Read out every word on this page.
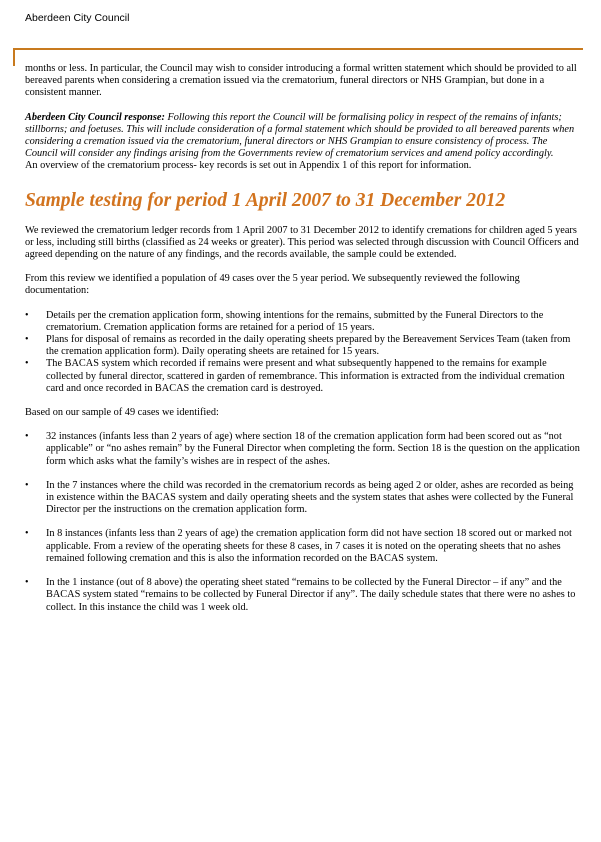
Aberdeen City Council

months or less. In particular, the Council may wish to consider introducing a formal written statement which should be provided to all bereaved parents when considering a cremation issued via the crematorium, funeral directors or NHS Grampian, but done in a consistent manner.

Aberdeen City Council response: Following this report the Council will be formalising policy in respect of the remains of infants; stillborns; and foetuses. This will include consideration of a formal statement which should be provided to all bereaved parents when considering a cremation issued via the crematorium, funeral directors or NHS Grampian to ensure consistency of process. The Council will consider any findings arising from the Governments review of crematorium services and amend policy accordingly.

An overview of the crematorium process- key records is set out in Appendix 1 of this report for information.

Sample testing for period 1 April 2007 to 31 December 2012

We reviewed the crematorium ledger records from 1 April 2007 to 31 December 2012 to identify cremations for children aged 5 years or less, including still births (classified as 24 weeks or greater). This period was selected through discussion with Council Officers and agreed depending on the nature of any findings, and the records available, the sample could be extended.

From this review we identified a population of 49 cases over the 5 year period. We subsequently reviewed the following documentation:

• Details per the cremation application form, showing intentions for the remains, submitted by the Funeral Directors to the crematorium. Cremation application forms are retained for a period of 15 years.
• Plans for disposal of remains as recorded in the daily operating sheets prepared by the Bereavement Services Team (taken from the cremation application form). Daily operating sheets are retained for 15 years.
• The BACAS system which recorded if remains were present and what subsequently happened to the remains for example collected by funeral director, scattered in garden of remembrance. This information is extracted from the individual cremation card and once recorded in BACAS the cremation card is destroyed.

Based on our sample of 49 cases we identified:

• 32 instances (infants less than 2 years of age) where section 18 of the cremation application form had been scored out as “not applicable” or “no ashes remain” by the Funeral Director when completing the form. Section 18 is the question on the application form which asks what the family’s wishes are in respect of the ashes.
• In the 7 instances where the child was recorded in the crematorium records as being aged 2 or older, ashes are recorded as being in existence within the BACAS system and daily operating sheets and the system states that ashes were collected by the Funeral Director per the instructions on the cremation application form.
• In 8 instances (infants less than 2 years of age) the cremation application form did not have section 18 scored out or marked not applicable. From a review of the operating sheets for these 8 cases, in 7 cases it is noted on the operating sheets that no ashes remained following cremation and this is also the information recorded on the BACAS system.
• In the 1 instance (out of 8 above) the operating sheet stated “remains to be collected by the Funeral Director – if any” and the BACAS system stated “remains to be collected by Funeral Director if any”. The daily schedule states that there were no ashes to collect. In this instance the child was 1 week old.
